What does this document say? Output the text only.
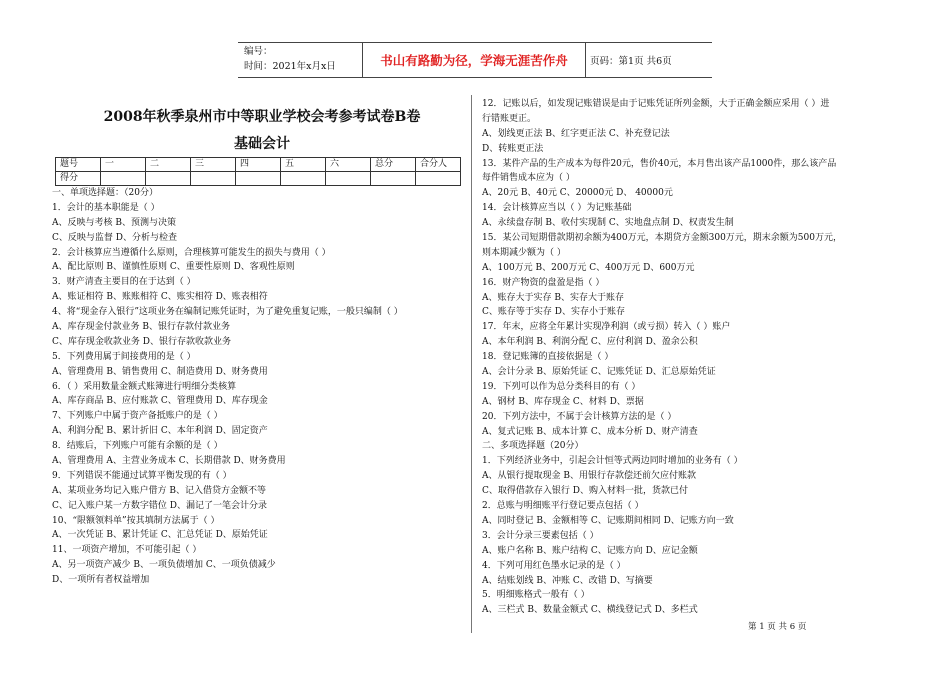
编号：
时间：2021年x月x日	书山有路勤为径，学海无涯苦作舟	页码：第1页 共6页
2008年秋季泉州市中等职业学校会考参考试卷B卷
基础会计
题号	一	二	三	四	五	六	总分	合分人
得分								
一、单项选择题：（20分）
1．会计的基本职能是（ ）
A、反映与考核 B、预测与决策
C、反映与监督 D、分析与检查
2．会计核算应当遵循什么原则，合理核算可能发生的损失与费用（ ）
A、配比原则 B、谨慎性原则 C、重要性原则 D、客观性原则
3．财产清查主要目的在于达到（ ）
A、账证相符 B、账账相符 C、账实相符 D、账表相符
4、将“现金存入银行”这项业务在编制记账凭证时，为了避免重复记账，一般只编制（ ）
A、库存现金付款业务 B、银行存款付款业务
C、库存现金收款业务 D、银行存款收款业务
5．下列费用属于间接费用的是（ ）
A、管理费用 B、销售费用 C、制造费用 D、财务费用
6．（ ）采用数量金额式账簿进行明细分类核算
A、库存商品 B、应付账款 C、管理费用 D、库存现金
7、下列账户中属于资产备抵账户的是（ ）
A、利润分配 B、累计折旧 C、本年利润 D、固定资产
8．结账后，下列账户可能有余额的是（ ）
A、管理费用 A、主营业务成本 C、长期借款 D、财务费用
9．下列错误不能通过试算平衡发现的有（ ）
A、某项业务均记入账户借方 B、记入借贷方金额不等
C、记入账户某一方数字错位 D、漏记了一笔会计分录
10、“限额领料单”按其填制方法属于（ ）
A、一次凭证 B、累计凭证 C、汇总凭证 D、原始凭证
11、一项资产增加，不可能引起（ ）
A、另一项资产减少 B、一项负债增加 C、一项负债减少
D、一项所有者权益增加
12．记账以后，如发现记账错误是由于记账凭证所列金额，大于正确金额应采用（ ）进
行错账更正。
A、划线更正法 B、红字更正法 C、补充登记法
D、转账更正法
13．某件产品的生产成本为每件20元，售价40元，本月售出该产品1000件，那么该产品
每件销售成本应为（ ）
A、20元 B、40元 C、20000元 D、 40000元
14．会计核算应当以（ ）为记账基础
A、永续盘存制 B、收付实现制 C、实地盘点制 D、权责发生制
15．某公司短期借款期初余额为400万元，本期贷方金额300万元，期末余额为500万元，
则本期减少额为（ ）
A、100万元 B、200万元 C、400万元 D、600万元
16．财产物资的盘盈是指（ ）
A、账存大于实存 B、实存大于账存
C、账存等于实存 D、实存小于账存
17．年末，应将全年累计实现净利润（或亏损）转入（ ）账户
A、本年利润 B、利润分配 C、应付利润 D、盈余公积
18．登记账簿的直接依据是（ ）
A、会计分录 B、原始凭证 C、记账凭证 D、汇总原始凭证
19．下列可以作为总分类科目的有（ ）
A、钢材 B、库存现金 C、材料 D、票据
20．下列方法中，不属于会计核算方法的是（ ）
A、复式记账 B、成本计算 C、成本分析 D、财产清查
二、多项选择题（20分）
1．下列经济业务中，引起会计恒等式两边同时增加的业务有（ ）
A、从银行提取现金 B、用银行存款偿还前欠应付账款
C、取得借款存入银行 D、购入材料一批，货款已付
2．总账与明细账平行登记要点包括（ ）
A、同时登记 B、金额相等 C、记账期间相同 D、记账方向一致
3．会计分录三要素包括（ ）
A、账户名称 B、账户结构 C、记账方向 D、应记金额
4．下列可用红色墨水记录的是（ ）
A、结账划线 B、冲账 C、改错 D、写摘要
5．明细账格式一般有（ ）
A、三栏式 B、数量金额式 C、横线登记式 D、多栏式
第 1 页 共 6 页
